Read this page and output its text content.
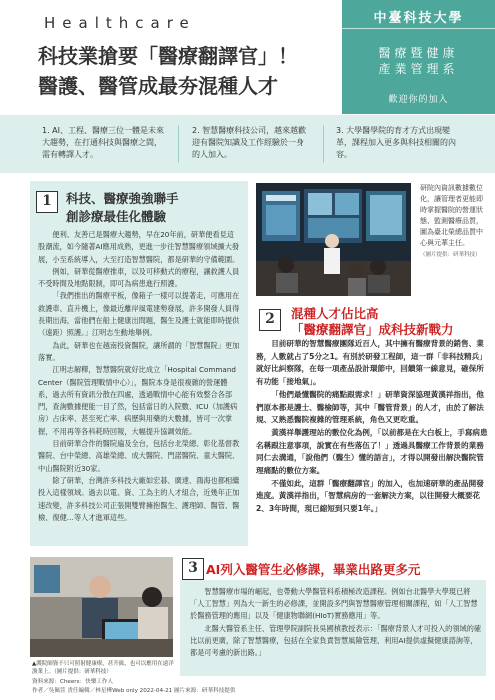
Healthcare
科技業搶要「醫療翻譯官」！
醫護、醫管成最夯混種人才
中臺科技大學
醫療暨健康
產業管理系
歡迎你的加入
1. AI、工程、醫療三位一體是未來大趨勢，在打通科技與醫療之間，需有轉譯人才。
2. 智慧醫療科技公司，越來越歡迎有醫院知識及工作經驗於一身的人加入。
3. 大學醫學院的育才方式出現變革，課程加入更多與科技相關的內容。
1	科技、醫療強強聯手
創診療最佳化體驗

便利、友善已是醫療大趨勢，早在20年前，研華便看見這股潮流，如今隨著AI應用成熟，更進一步往智慧醫療領域擴大發展，小至系統導入，大至打造智慧醫院，都是研華的守備範圍。

例如，研華從醫療推車，以及可移動式的療程，讓救護人員不受時間及地點限制，即可為病患進行照護。

「我們推出的醫療平板，像箱子一樣可以提著走，可應用在救護車、直升機上，像最近離岸風電建勢發展，許多開發人員得長期出海，當他們在船上健康出問題，醫生及護士就能即時提供（遠距）照護。」江明志生動地舉例。

為此，研華也在越南投資醫院，讓所謂的「智慧醫院」更加落實。

江明志解釋，智慧醫院就好比成立「Hospital Command Center（醫院管理戰情中心）」，醫院本身是很複雜的營運體系，過去所有資訊分散在四處，透過戰情中心能有效整合各部門，查詢數據便能一目了然，包括當日的入院數、ICU（加護病房）占床率、甚至死亡率、病歷與用藥的大數據，皆可一次掌握，不用再等各科耗時回報，大幅提升協調效能。

目前研華合作的醫院遍及全台，包括台北榮總、彰化基督教醫院、台中榮總、高雄榮總、成大醫院、門諾醫院、童大醫院、中山醫院附近30家。

除了研華，台灣許多科技大廠如宏碁、廣達、鴻海也都相繼投入這樣領域。過去以電、資、工為主的人才組合，近幾年正加速改變，許多科技公司正張開雙臂擁抱醫生、護理師、醫管、醫檢、復健…等人才進軍這些。

研院內資訊數據數位化，讓管理者更能即時掌握醫院的營運狀態、監測醫療品質，圖為臺北榮總品質中心與元華主任。
（圖片提供：研華科技）
2	混種人才佔比高
「醫療翻譯官」成科技新戰力

目前研華的智慧醫療團隊近百人，其中擁有醫療背景的銷售、業務，人數就占了5分之1。有別於研發工程師，這一群「非科技精兵」就好比糾察隊，在每一項產品設計環節中，回饋第一線意見，確保所有功能「接地氣」。

「他們最懂醫院的痛點跟需求！」研華資深協理黃漢祥指出，他們原本都是護士、醫檢師等，其中「醫管背景」的人才，由於了解法規、又熟悉醫院複雜的管理系統，角色又更吃重。

黃漢祥舉護理站的數位化為例，「以前都是在大白板上，手寫病患名稱跟注意事項，說實在有些落伍了！」透過具醫療工作背景的業務同仁去溝通，「說他們（醫生）懂的語言」，才得以開發出解決醫院管理痛點的數位方案。

不僅如此，這群「醫療翻譯官」的加入，也加速研華的產品開發進度。黃漢祥指出，「智慧病房的一套解決方案，以往開發大概要花2、3年時間，現已縮短到只要1年。」

▲護院師資不只可照射健康療，甚升級，也可以應用在遠洋漁業上。（圖片提供：研華科技）
3 AI列入醫管生必修課，畢業出路更多元

智慧醫療市場的崛起，也帶動大學醫管科系積極改造課程。例如台北醫學大學現已將「人工智慧」列為大一新生的必修課，並開設多門與智慧醫療管理相關課程，如「人工智慧於醫務管理的應用」以及「健康物聯網(HIoT)實務應用」等。

北醫大醫管系主任、管理學院副院長吳國楨教授表示：「醫療背景人才可投入的領域的確比以前更廣，除了智慧醫療，包括在全家負責智慧風險管理、利用AI提供虛擬健康諮詢等，都是可考慮的新出路。」

資料來源：Cheers：快樂工作人
作者／吳佩萱 責任編輯／林星樺Web only 2022-04-21 圖片來源：研華科技提供
